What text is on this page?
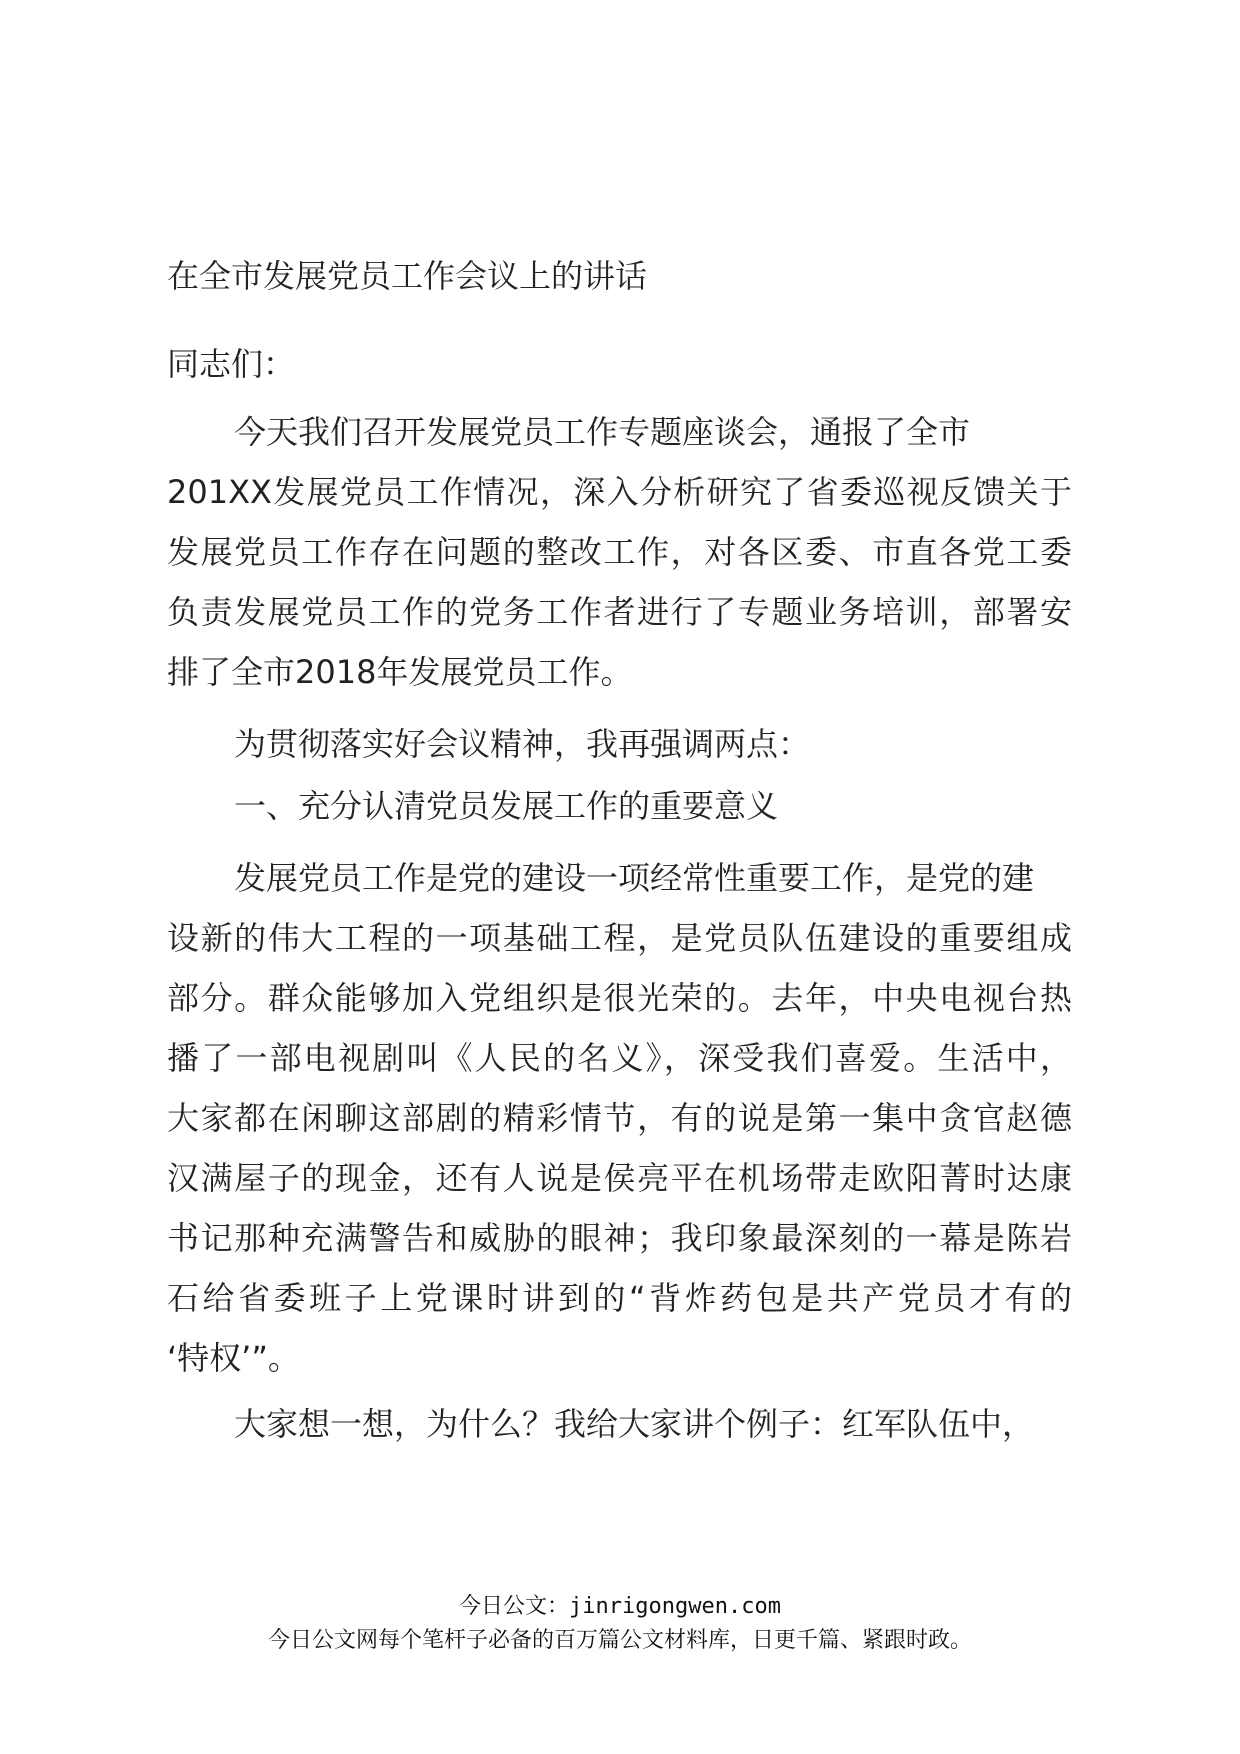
在全市发展党员工作会议上的讲话

同志们：

今天我们召开发展党员工作专题座谈会，通报了全市

201XX发展党员工作情况，深入分析研究了省委巡视反馈关于

发展党员工作存在问题的整改工作，对各区委、市直各党工委

负责发展党员工作的党务工作者进行了专题业务培训，部署安

排了全市2018年发展党员工作。

为贯彻落实好会议精神，我再强调两点：

一、充分认清党员发展工作的重要意义

发展党员工作是党的建设一项经常性重要工作，是党的建

设新的伟大工程的一项基础工程，是党员队伍建设的重要组成

部分。群众能够加入党组织是很光荣的。去年，中央电视台热

播了一部电视剧叫《人民的名义》，深受我们喜爱。生活中，

大家都在闲聊这部剧的精彩情节，有的说是第一集中贪官赵德

汉满屋子的现金，还有人说是侯亮平在机场带走欧阳菁时达康

书记那种充满警告和威胁的眼神；我印象最深刻的一幕是陈岩

石给省委班子上党课时讲到的“背炸药包是共产党员才有的

‘特权’”。

大家想一想，为什么？我给大家讲个例子：红军队伍中，

今日公文：jinrigongwen.com
今日公文网每个笔杆子必备的百万篇公文材料库，日更千篇、紧跟时政。
